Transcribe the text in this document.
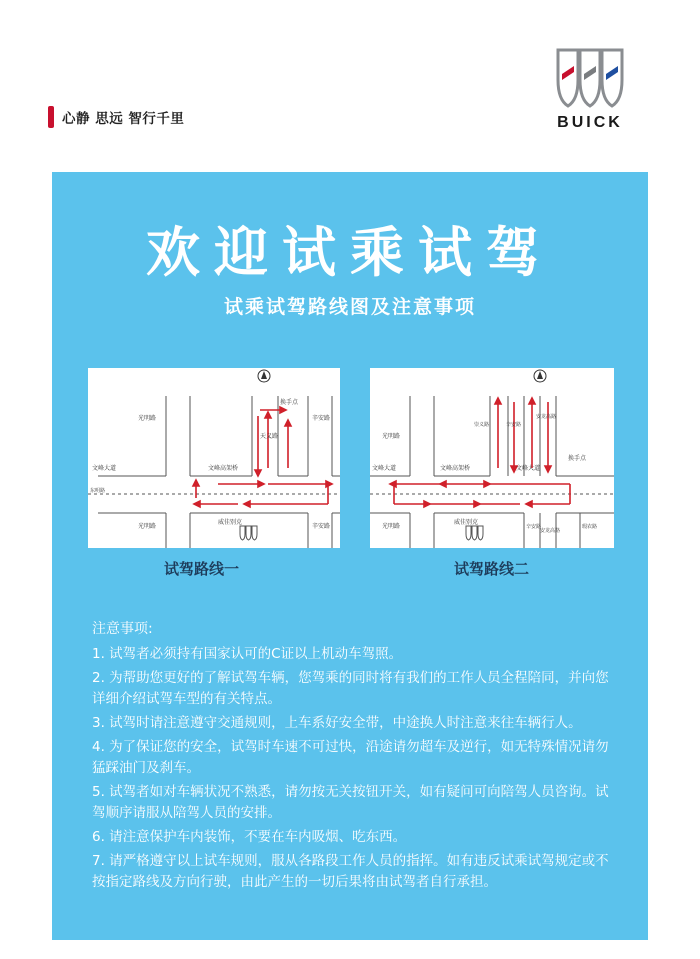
心静 思远 智行千里	BUICK
欢迎试乘试驾
试乘试驾路线图及注意事项
光明路
光明路
辛安路
辛安路
文峰大道	文峰高架桥
东明路
天义路
威佳别克
换手点
试驾路线一
光明路
光明路
文峰大道	文峰高架桥	文峰大道
威佳别克
辛安路
辛安路
崇义路
安龙高路
安龙高路
换手点
瑕农路
试驾路线二
注意事项:
1. 试驾者必须持有国家认可的C证以上机动车驾照。
2. 为帮助您更好的了解试驾车辆，您驾乘的同时将有我们的工作人员全程陪同，并向您详细介绍试驾车型的有关特点。
3. 试驾时请注意遵守交通规则，上车系好安全带，中途换人时注意来往车辆行人。
4. 为了保证您的安全，试驾时车速不可过快，沿途请勿超车及逆行，如无特殊情况请勿猛踩油门及刹车。
5. 试驾者如对车辆状况不熟悉，请勿按无关按钮开关，如有疑问可向陪驾人员咨询。试驾顺序请服从陪驾人员的安排。
6. 请注意保护车内装饰，不要在车内吸烟、吃东西。
7. 请严格遵守以上试车规则，服从各路段工作人员的指挥。如有违反试乘试驾规定或不按指定路线及方向行驶，由此产生的一切后果将由试驾者自行承担。
